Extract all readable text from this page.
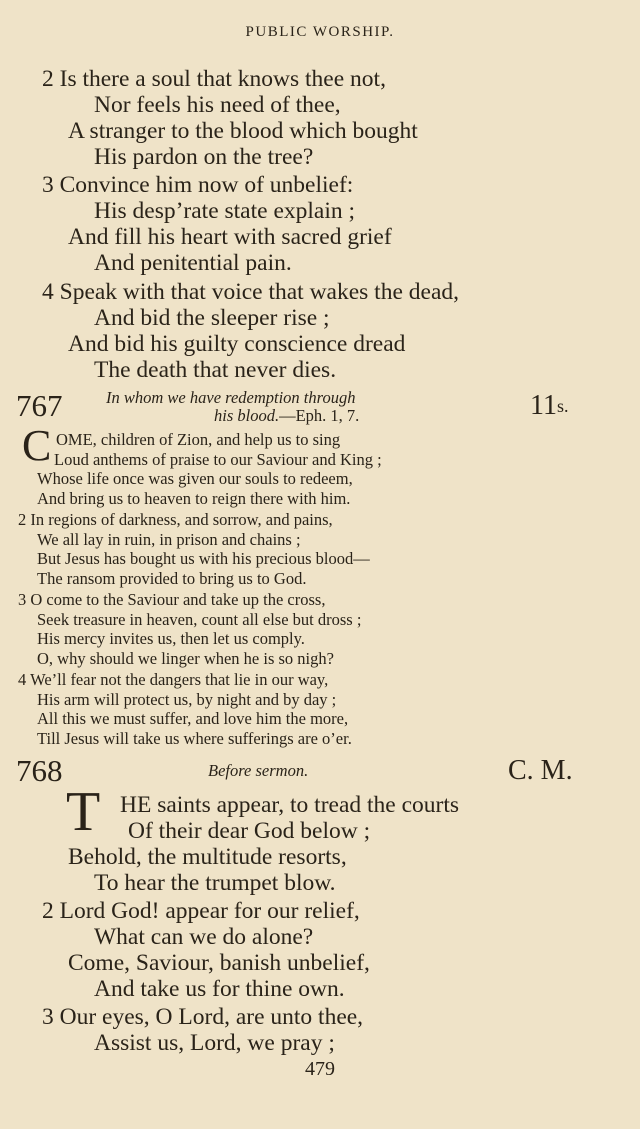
PUBLIC WORSHIP.
2 Is there a soul that knows thee not,
Nor feels his need of thee,
A stranger to the blood which bought
His pardon on the tree?
3 Convince him now of unbelief:
His desp’rate state explain ;
And fill his heart with sacred grief
And penitential pain.
4 Speak with that voice that wakes the dead,
And bid the sleeper rise ;
And bid his guilty conscience dread
The death that never dies.
767	In whom we have redemption through
his blood.—Eph. 1, 7.	$11^{s.}$
C OME, children of Zion, and help us to sing
Loud anthems of praise to our Saviour and King ;
Whose life once was given our souls to redeem,
And bring us to heaven to reign there with him.
2 In regions of darkness, and sorrow, and pains,
We all lay in ruin, in prison and chains ;
But Jesus has bought us with his precious blood—
The ransom provided to bring us to God.
3 O come to the Saviour and take up the cross,
Seek treasure in heaven, count all else but dross ;
His mercy invites us, then let us comply.
O, why should we linger when he is so nigh?
4 We’ll fear not the dangers that lie in our way,
His arm will protect us, by night and by day ;
All this we must suffer, and love him the more,
Till Jesus will take us where sufferings are o’er.
768	Before sermon.	C. M.
T HE saints appear, to tread the courts
Of their dear God below ;
Behold, the multitude resorts,
To hear the trumpet blow.
2 Lord God! appear for our relief,
What can we do alone?
Come, Saviour, banish unbelief,
And take us for thine own.
3 Our eyes, O Lord, are unto thee,
Assist us, Lord, we pray ;
479
